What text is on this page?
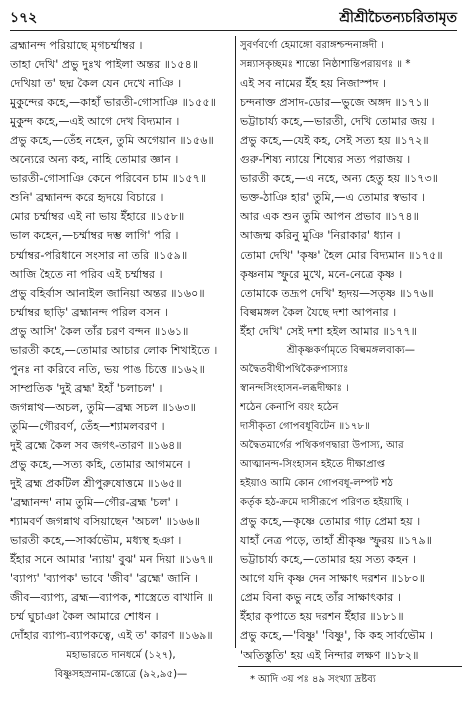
১৭২	শ্রীশ্রীচৈতন্যচরিতামৃত
ব্রহ্মানন্দ পরিয়াছে মৃগচর্ম্মাম্বর ।
তাহা দেখি' প্রভু দুঃখ পাইলা অন্তর ॥১৫৪॥
দেখিয়া ত' ছদ্ম কৈল যেন দেখে নাঞি ।
মুকুন্দের কহে,—কাহাঁ ভারতী-গোসাঞি ॥১৫৫॥
মুকুন্দ কহে,—এই আগে দেখ বিদ্যমান ।
প্রভু কহে,—তেঁহ নহেন, তুমি অগেয়ান ॥১৫৬॥
অন্যেরে অন্য কহ, নাহি তোমার জ্ঞান ।
ভারতী-গোসাঞি কেনে পরিবেন চাম ॥১৫৭॥
শুনি' ব্রহ্মানন্দ করে হৃদয়ে বিচারে ।
মোর চর্ম্মাম্বর এই না ভায় ইঁহারে ॥১৫৮॥
ভাল কহেন,—চর্ম্মাম্বর দম্ভ লাগি' পরি ।
চর্ম্মাম্বর-পরিধানে সংসার না তরি ॥১৫৯॥
আজি হৈতে না পরিব এই চর্ম্মাম্বর ।
প্রভু বহির্বাস আনাইল জানিয়া অন্তর ॥১৬০॥
চর্ম্মাম্বর ছাড়ি' ব্রহ্মানন্দ পরিল বসন ।
প্রভু আসি' কৈল তাঁর চরণ বন্দন ॥১৬১॥
ভারতী কহে,—তোমার আচার লোক শিখাইতে ।
পুনঃ না করিবে নতি, ভয় পাঙ চিত্তে ॥১৬২॥
সাম্প্রতিক 'দুই ব্রহ্ম' ইহাঁ 'চলাচল' ।
জগন্নাথ—অচল, তুমি—ব্রহ্ম সচল ॥১৬৩॥
তুমি—গৌরবর্ণ, তেঁহ—শ্যামলবরণ ।
দুই ব্রহ্মে কৈল সব জগৎ-তারণ ॥১৬৪॥
প্রভু কহে,—সত্য কহি, তোমার আগমনে ।
দুই ব্রহ্ম প্রকটিল শ্রীপুরুষোত্তমে ॥১৬৫॥
'ব্রহ্মানন্দ' নাম তুমি—গৌর-ব্রহ্ম 'চল' ।
শ্যামবর্ণ জগন্নাথ বসিয়াছেন 'অচল' ॥১৬৬॥
ভারতী কহে,—সার্ব্বভৌম, মধ্যস্থ হঞা ।
ইঁহার সনে আমার 'ন্যায়' বুঝ' মন দিয়া ॥১৬৭॥
'ব্যাপ্য' 'ব্যাপক' ভাবে 'জীব' 'ব্রহ্মে' জানি ।
জীব—ব্যাপ্য, ব্রহ্ম—ব্যাপক, শাস্ত্রেতে বাখানি ॥
চর্ম্ম ঘুচাঞা কৈল আমারে শোধন ।
দোঁহার ব্যাপ্য-ব্যাপকত্বে, এই ত' কারণ ॥১৬৯॥
মহাভারতে দানধর্মে (১২৭),
বিষ্ণুসহস্রনাম-স্তোত্রে (৯২,৯৫)—
সুবর্ণবর্ণো হেমাঙ্গো বরাঙ্গশ্চন্দনাঙ্গদী ।
সন্ন্যাসকৃচ্ছমঃ শান্তো নিষ্ঠাশান্তিপরায়ণঃ ॥ *
এই সব নামের ইঁহ হয় নিজাস্পদ ।
চন্দনাক্ত প্রসাদ-ডোর—ভুজে অঙ্গদ ॥১৭১॥
ভট্টাচার্য্য কহে,—ভারতী, দেখি তোমার জয় ।
প্রভু কহে,—যেই কহ, সেই সত্য হয় ॥১৭২॥
গুরু-শিষ্য ন্যায়ে শিষ্যের সত্য পরাজয় ।
ভারতী কহে,—এ নহে, অন্য হেতু হয় ॥১৭৩॥
ভক্ত-ঠাঞি হার' তুমি,—এ তোমার স্বভাব ।
আর এক শুন তুমি আপন প্রভাব ॥১৭৪॥
আজন্ম করিনু মুঞি 'নিরাকার' ধ্যান ।
তোমা দেখি' 'কৃষ্ণ' হৈল মোর বিদ্যমান ॥১৭৫॥
কৃষ্ণনাম স্ফুরে মুখে, মনে-নেত্রে কৃষ্ণ ।
তোমাকে তদ্রূপ দেখি' হৃদয়—সতৃষ্ণ ॥১৭৬॥
বিল্বমঙ্গল কৈল যৈছে দশা আপনার ।
ইঁহা দেখি' সেই দশা হইল আমার ॥১৭৭॥
শ্রীকৃষ্ণকর্ণামৃতে বিল্বমঙ্গলবাক্য—
অদ্বৈতবীথীপথিকৈরুপাস্যাঃ
স্বানন্দসিংহাসন-লব্ধদীক্ষাঃ ।
শঠেন কেনাপি বয়ং হঠেন
দাসীকৃতা গোপবধূবিটেন ॥১৭৮॥
অদ্বৈতমার্গের পথিকগণদ্বারা উপাস্য, আর
আত্মানন্দ-সিংহাসন হইতে দীক্ষাপ্রাপ্ত
হইয়াও আমি কোন গোপবধূ-লম্পট শঠ
কর্তৃক হঠ-ক্রমে দাসীরূপে পরিণত হইয়াছি ।
প্রভু কহে,—কৃষ্ণে তোমার গাঢ় প্রেমা হয় ।
যাহাঁ নেত্র পড়ে, তাহাঁ শ্রীকৃষ্ণ স্ফুরয় ॥১৭৯॥
ভট্টাচার্য্য কহে,—তোমার হয় সত্য কহন ।
আগে যদি কৃষ্ণ দেন সাক্ষাৎ দরশন ॥১৮০॥
প্রেম বিনা কভু নহে তাঁর সাক্ষাৎকার ।
ইঁহার কৃপাতে হয় দরশন ইঁহার ॥১৮১॥
প্রভু কহে,—'বিষ্ণু' 'বিষ্ণু', কি কহ সার্বভৌম ।
'অতিস্তুতি' হয় এই নিন্দার লক্ষণ ॥১৮২॥
* আদি ৩য় পঃ ৪৯ সংখ্যা দ্রষ্টব্য
